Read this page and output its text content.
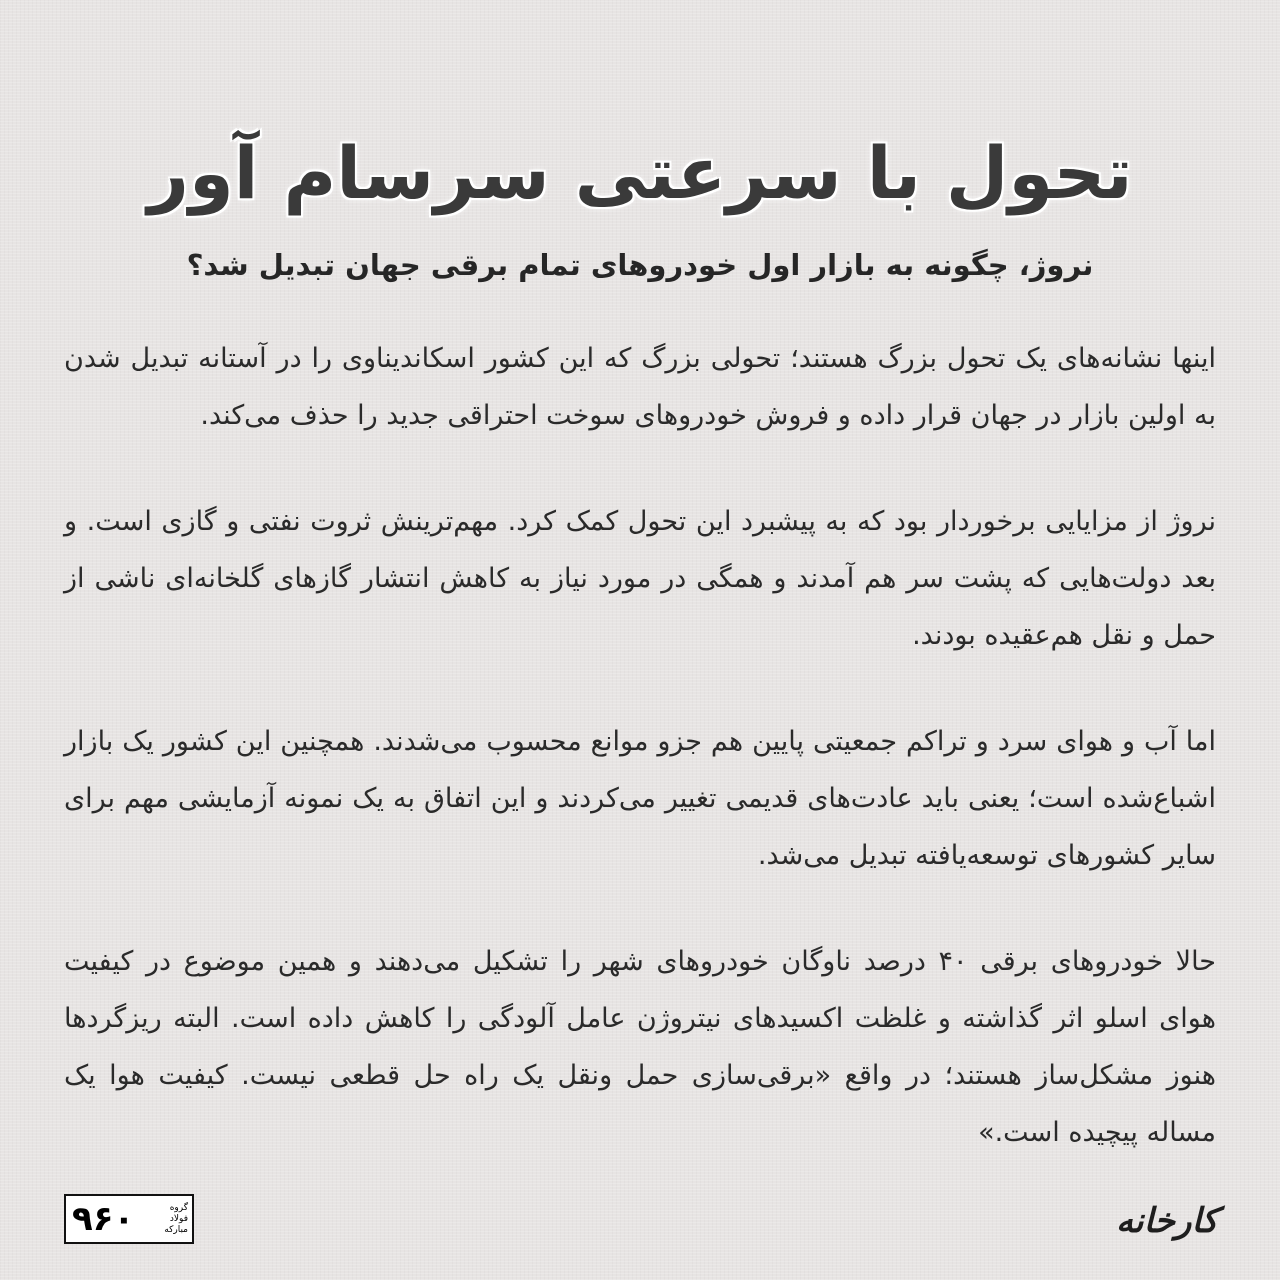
تحول با سرعتی سرسام آور
نروژ، چگونه به بازار اول خودروهای تمام برقی جهان تبدیل شد؟

اینها نشانه‌های یک تحول بزرگ هستند؛ تحولی بزرگ که این کشور اسکاندیناوی را در آستانه تبدیل شدن به اولین بازار در جهان قرار داده و فروش خودروهای سوخت احتراقی جدید را حذف می‌کند.

نروژ از مزایایی برخوردار بود که به پیشبرد این تحول کمک کرد. مهم‌ترینش ثروت نفتی و گازی است. و بعد دولت‌هایی که پشت سر هم آمدند و همگی در مورد نیاز به کاهش انتشار گازهای گلخانه‌ای ناشی از حمل و نقل هم‌عقیده بودند.

اما آب و هوای سرد و تراکم جمعیتی پایین هم جزو موانع محسوب می‌شدند. همچنین این کشور یک بازار اشباع‌شده است؛ یعنی باید عادت‌های قدیمی تغییر می‌کردند و این اتفاق به یک نمونه آزمایشی مهم برای سایر کشورهای توسعه‌یافته تبدیل می‌شد.

حالا خودروهای برقی ۴۰ درصد ناوگان خودروهای شهر را تشکیل می‌دهند و همین موضوع در کیفیت هوای اسلو اثر گذاشته و غلظت اکسیدهای نیتروژن عامل آلودگی را کاهش داده است. البته ریزگردها هنوز مشکل‌ساز هستند؛ در واقع «برقی‌سازی حمل ونقل یک راه حل قطعی نیست. کیفیت هوا یک مساله پیچیده است.»

۹۶۰	گروه فولاد مبارکه	کارخانه
